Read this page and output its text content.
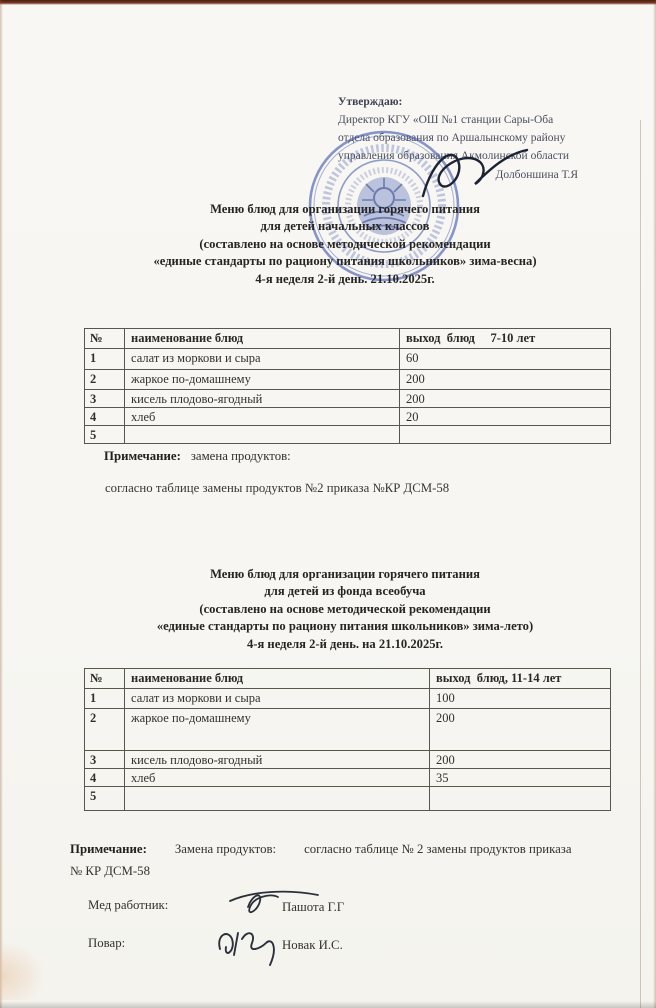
Утверждаю:
Директор КГУ «ОШ №1 станции Сары-Оба
отдела образования по Аршалынскому району
управления образования Акмолинской области
Долбоншина Т.Я
Меню блюд для организации горячего питания
для детей начальных классов
(составлено на основе методической рекомендации
«единые стандарты по рациону питания школьников» зима-весна)
4-я неделя 2-й день. 21.10.2025г.
№	наименование блюд	выход  блюд     7-10 лет
1	салат из моркови и сыра	60
2	жаркое по-домашнему	200
3	кисель плодово-ягодный	200
4	хлеб	20
5		
Примечание: замена продуктов:
согласно таблице замены продуктов №2 приказа №КР ДСМ-58
Меню блюд для организации горячего питания
для детей из фонда всеобуча
(составлено на основе методической рекомендации
«единые стандарты по рациону питания школьников» зима-лето)
4-я неделя 2-й день. на 21.10.2025г.
№	наименование блюд	выход  блюд, 11-14 лет
1	салат из моркови и сыра	100
2	жаркое по-домашнему	200
3	кисель плодово-ягодный	200
4	хлеб	35
5		
Примечание: Замена продуктов: согласно таблице № 2 замены продуктов приказа
№ КР ДСМ-58
Мед работник:	Пашота Г.Г
Повар:	Новак И.С.
